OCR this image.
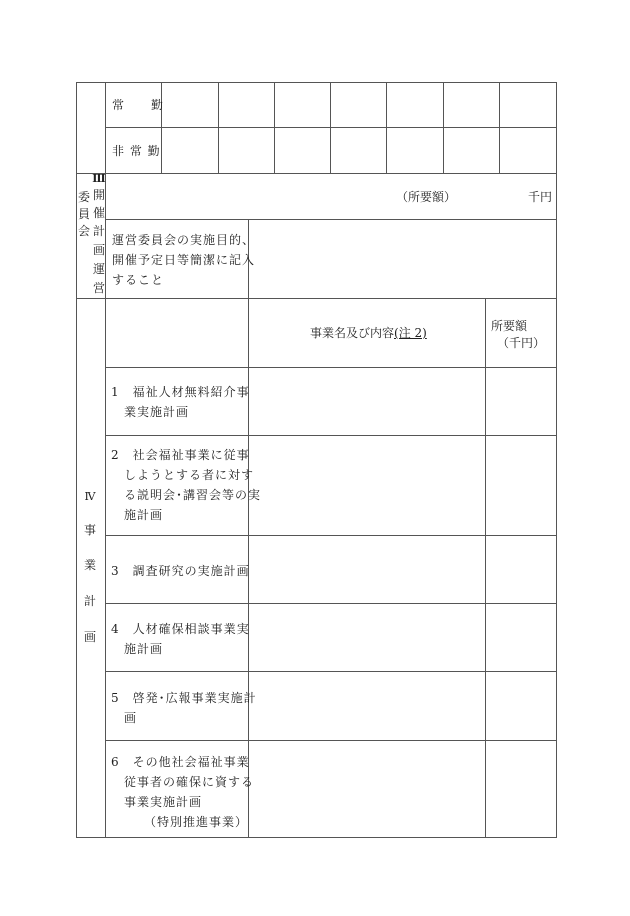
常　　勤
非 常 勤
Ⅲ
開
催
計
画
運
営
委
員
会
（所要額）	千円
運営委員会の実施目的、
開催予定日等簡潔に記入
すること
Ⅳ
事
業
計
画
事業名及び内容(注 2)	所要額
（千円）
1　福祉人材無料紹介事
　業実施計画
2　社会福祉事業に従事
　しようとする者に対す
　る説明会･講習会等の実
　施計画
3　調査研究の実施計画
4　人材確保相談事業実
　施計画
5　啓発･広報事業実施計
　画
6　その他社会福祉事業
　従事者の確保に資する
　事業実施計画
　　　（特別推進事業）
